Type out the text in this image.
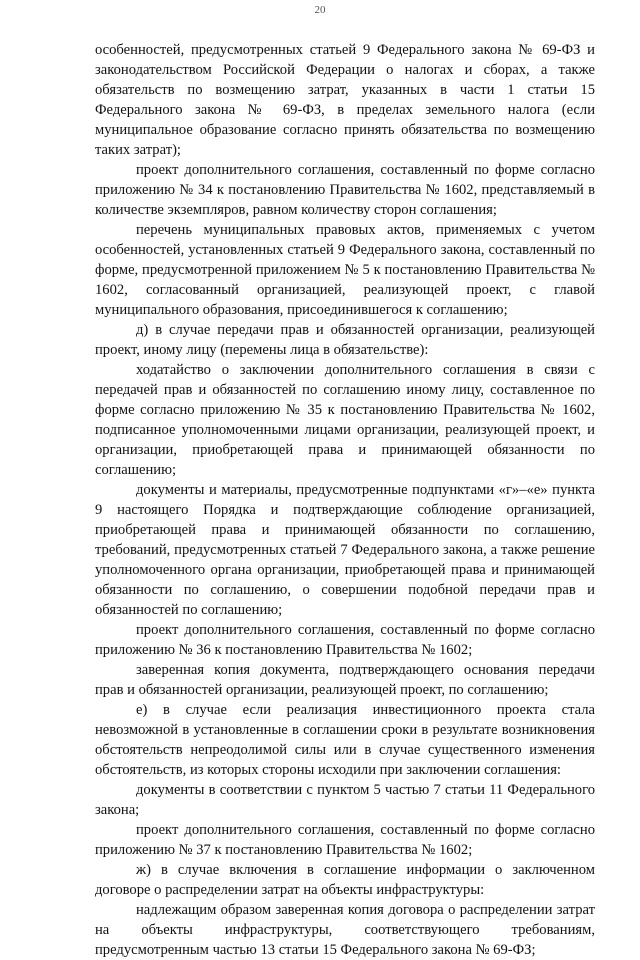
20

особенностей, предусмотренных статьей 9 Федерального закона № 69-ФЗ и законодательством Российской Федерации о налогах и сборах, а также обязательств по возмещению затрат, указанных в части 1 статьи 15 Федерального закона № 69-ФЗ, в пределах земельного налога (если муниципальное образование согласно принять обязательства по возмещению таких затрат);

проект дополнительного соглашения, составленный по форме согласно приложению № 34 к постановлению Правительства № 1602, представляемый в количестве экземпляров, равном количеству сторон соглашения;

перечень муниципальных правовых актов, применяемых с учетом особенностей, установленных статьей 9 Федерального закона, составленный по форме, предусмотренной приложением № 5 к постановлению Правительства № 1602, согласованный организацией, реализующей проект, с главой муниципального образования, присоединившегося к соглашению;

д) в случае передачи прав и обязанностей организации, реализующей проект, иному лицу (перемены лица в обязательстве):

ходатайство о заключении дополнительного соглашения в связи с передачей прав и обязанностей по соглашению иному лицу, составленное по форме согласно приложению № 35 к постановлению Правительства № 1602, подписанное уполномоченными лицами организации, реализующей проект, и организации, приобретающей права и принимающей обязанности по соглашению;

документы и материалы, предусмотренные подпунктами «г»–«е» пункта 9 настоящего Порядка и подтверждающие соблюдение организацией, приобретающей права и принимающей обязанности по соглашению, требований, предусмотренных статьей 7 Федерального закона, а также решение уполномоченного органа организации, приобретающей права и принимающей обязанности по соглашению, о совершении подобной передачи прав и обязанностей по соглашению;

проект дополнительного соглашения, составленный по форме согласно приложению № 36 к постановлению Правительства № 1602;

заверенная копия документа, подтверждающего основания передачи прав и обязанностей организации, реализующей проект, по соглашению;

е) в случае если реализация инвестиционного проекта стала невозможной в установленные в соглашении сроки в результате возникновения обстоятельств непреодолимой силы или в случае существенного изменения обстоятельств, из которых стороны исходили при заключении соглашения:

документы в соответствии с пунктом 5 частью 7 статьи 11 Федерального закона;

проект дополнительного соглашения, составленный по форме согласно приложению № 37 к постановлению Правительства № 1602;

ж) в случае включения в соглашение информации о заключенном договоре о распределении затрат на объекты инфраструктуры:

надлежащим образом заверенная копия договора о распределении затрат на объекты инфраструктуры, соответствующего требованиям, предусмотренным частью 13 статьи 15 Федерального закона № 69-ФЗ;
